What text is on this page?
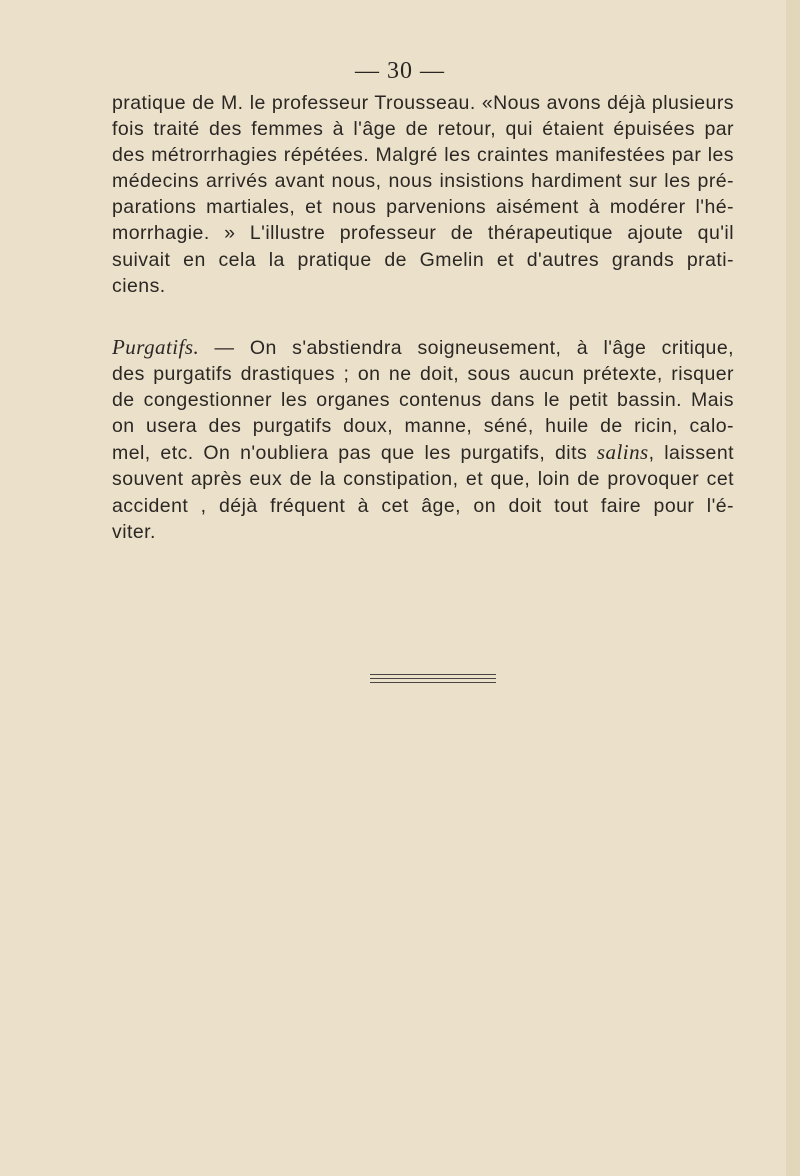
— 30 —
pratique de M. le professeur Trousseau. «Nous avons déjà plusieurs
fois traité des femmes à l'âge de retour, qui étaient épuisées par
des métrorrhagies répétées. Malgré les craintes manifestées par les
médecins arrivés avant nous, nous insistions hardiment sur les pré-
parations martiales, et nous parvenions aisément à modérer l'hé-
morrhagie. » L'illustre professeur de thérapeutique ajoute qu'il
suivait en cela la pratique de Gmelin et d'autres grands prati-
ciens.
Purgatifs. — On s'abstiendra soigneusement, à l'âge critique,
des purgatifs drastiques ; on ne doit, sous aucun prétexte, risquer
de congestionner les organes contenus dans le petit bassin. Mais
on usera des purgatifs doux, manne, séné, huile de ricin, calo-
mel, etc. On n'oubliera pas que les purgatifs, dits salins, laissent
souvent après eux de la constipation, et que, loin de provoquer cet
accident , déjà fréquent à cet âge, on doit tout faire pour l'é-
viter.
